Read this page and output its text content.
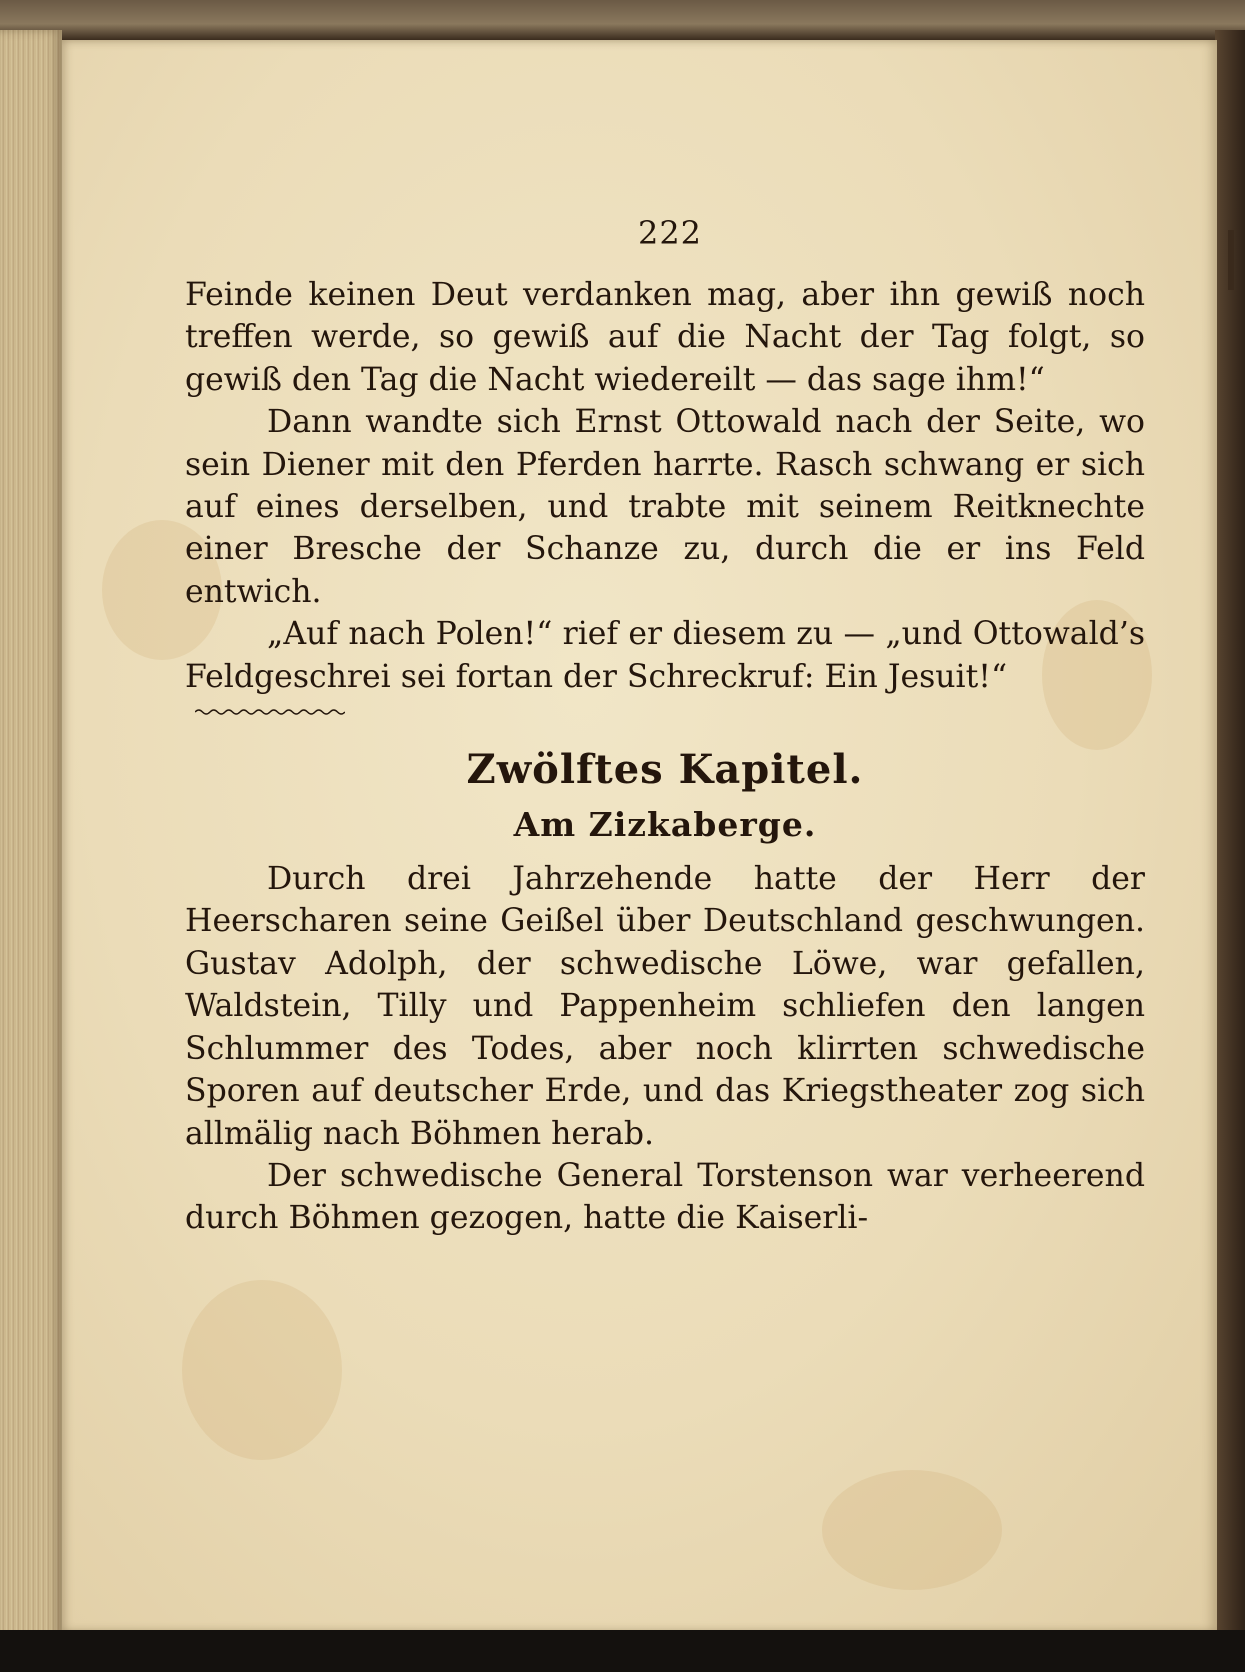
222

Feinde keinen Deut verdanken mag, aber ihn gewiß noch treffen werde, so gewiß auf die Nacht der Tag folgt, so gewiß den Tag die Nacht wiedereilt — das sage ihm!“

Dann wandte sich Ernst Ottowald nach der Seite, wo sein Diener mit den Pferden harrte. Rasch schwang er sich auf eines derselben, und trabte mit seinem Reitknechte einer Bresche der Schanze zu, durch die er ins Feld entwich.

„Auf nach Polen!“ rief er diesem zu — „und Ottowald’s Feldgeschrei sei fortan der Schreckruf: Ein Jesuit!“

Zwölftes Kapitel.
Am Zizkaberge.

Durch drei Jahrzehende hatte der Herr der Heerscharen seine Geißel über Deutschland geschwungen. Gustav Adolph, der schwedische Löwe, war gefallen, Waldstein, Tilly und Pappenheim schliefen den langen Schlummer des Todes, aber noch klirrten schwedische Sporen auf deutscher Erde, und das Kriegstheater zog sich allmälig nach Böhmen herab.

Der schwedische General Torstenson war verheerend durch Böhmen gezogen, hatte die Kaiserli-
